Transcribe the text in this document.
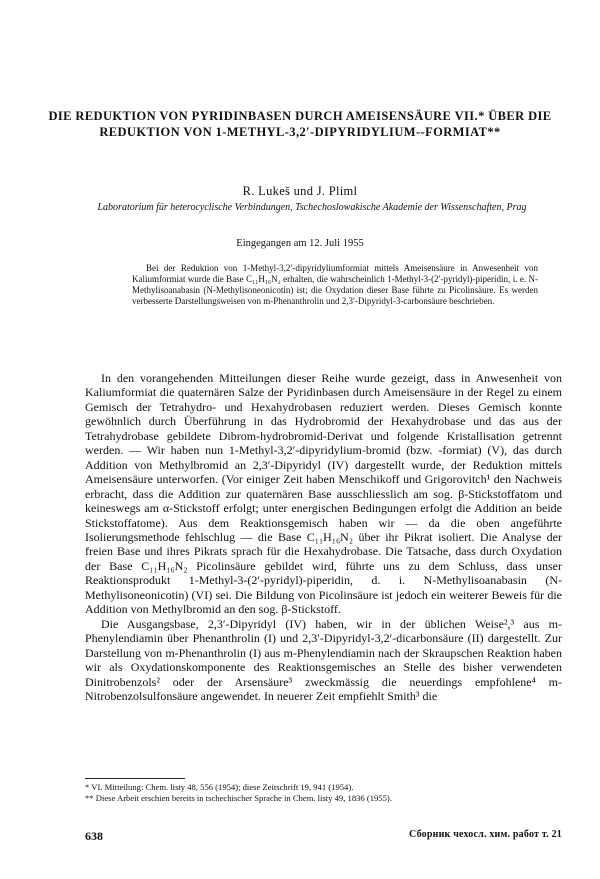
DIE REDUKTION VON PYRIDINBASEN DURCH AMEISENSÄURE VII.* ÜBER DIE REDUKTION VON 1-METHYL-3,2′-DIPYRIDYLIUM--FORMIAT**
R. Lukeš und J. Pliml
Laboratorium für heterocyclische Verbindungen, Tschechoslowakische Akademie der Wissenschaften, Prag
Eingegangen am 12. Juli 1955
Bei der Reduktion von 1-Methyl-3,2′-dipyridyliumformiat mittels Ameisensäure in Anwesenheit von Kaliumformiat wurde die Base C₁₁H₁₆N₂ erhalten, die wahrscheinlich 1-Methyl-3-(2′-pyridyl)-piperidin, i. e. N-Methylisoanabasin (N-Methylisoneonicotin) ist; die Oxydation dieser Base führte zu Picolinsäure. Es werden verbesserte Darstellungsweisen von m-Phenanthrolin und 2,3′-Dipyridyl-3-carbonsäure beschrieben.
In den vorangehenden Mitteilungen dieser Reihe wurde gezeigt, dass in Anwesenheit von Kaliumformiat die quaternären Salze der Pyridinbasen durch Ameisensäure in der Regel zu einem Gemisch der Tetrahydro- und Hexahydrobasen reduziert werden. Dieses Gemisch konnte gewöhnlich durch Überführung in das Hydrobromid der Hexahydrobase und das aus der Tetrahydrobase gebildete Dibrom-hydrobromid-Derivat und folgende Kristallisation getrennt werden. — Wir haben nun 1-Methyl-3,2′-dipyridylium-bromid (bzw. -formiat) (V), das durch Addition von Methylbromid an 2,3′-Dipyridyl (IV) dargestellt wurde, der Reduktion mittels Ameisensäure unterworfen. (Vor einiger Zeit haben Menschikoff und Grigorovitch¹ den Nachweis erbracht, dass die Addition zur quaternären Base ausschliesslich am sog. β-Stickstoffatom und keineswegs am α-Stickstoff erfolgt; unter energischen Bedingungen erfolgt die Addition an beide Stickstoffatome). Aus dem Reaktionsgemisch haben wir — da die oben angeführte Isolierungsmethode fehlschlug — die Base C₁₁H₁₆N₂ über ihr Pikrat isoliert. Die Analyse der freien Base und ihres Pikrats sprach für die Hexahydrobase. Die Tatsache, dass durch Oxydation der Base C₁₁H₁₆N₂ Picolinsäure gebildet wird, führte uns zu dem Schluss, dass unser Reaktionsprodukt 1-Methyl-3-(2′-pyridyl)-piperidin, d. i. N-Methylisoanabasin (N-Methylisoneonicotin) (VI) sei. Die Bildung von Picolinsäure ist jedoch ein weiterer Beweis für die Addition von Methylbromid an den sog. β-Stickstoff.
Die Ausgangsbase, 2,3′-Dipyridyl (IV) haben, wir in der üblichen Weise²,³ aus m-Phenylendiamin über Phenanthrolin (I) und 2,3′-Dipyridyl-3,2′-dicarbonsäure (II) dargestellt. Zur Darstellung von m-Phenanthrolin (I) aus m-Phenylendiamin nach der Skraupschen Reaktion haben wir als Oxydationskomponente des Reaktionsgemisches an Stelle des bisher verwendeten Dinitrobenzols² oder der Arsensäure³ zweckmässig die neuerdings empfohlene⁴ m-Nitrobenzolsulfonsäure angewendet. In neuerer Zeit empfiehlt Smith³ die
* VI. Mitteilung: Chem. listy 48, 556 (1954); diese Zeitschrift 19, 941 (1954).
** Diese Arbeit erschien bereits in tschechischer Sprache in Chem. listy 49, 1836 (1955).
638	Сборник чехосл. хим. работ т. 21
